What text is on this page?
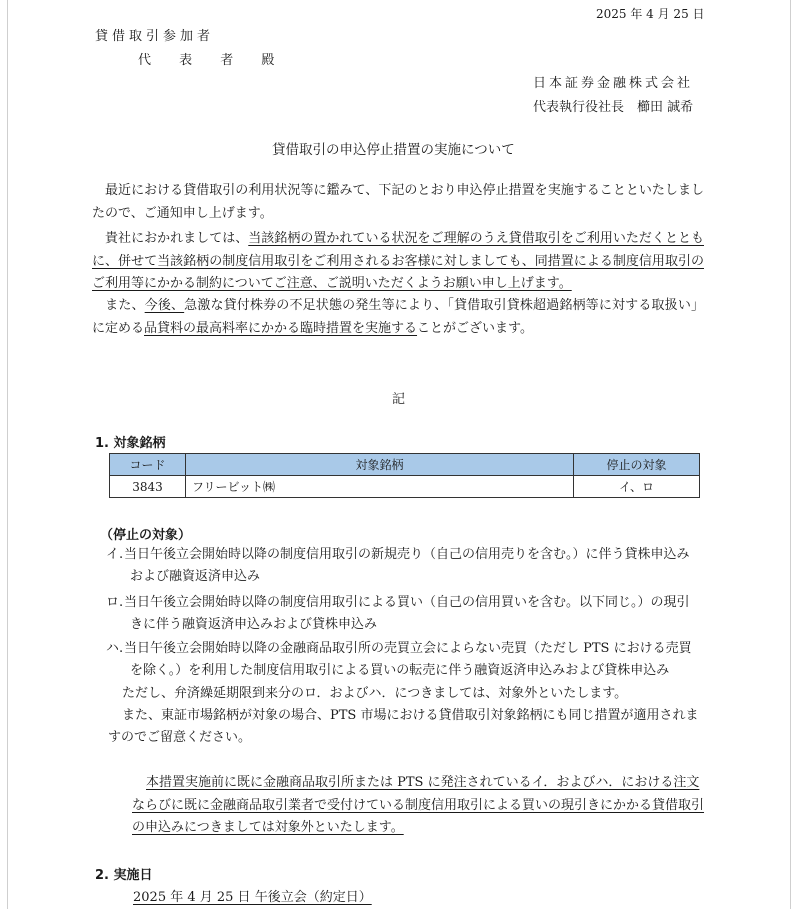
2025 年 4 月 25 日
貸借取引参加者
代 表 者 殿
日本証券金融株式会社
代表執行役社長　櫛田 誠希
貸借取引の申込停止措置の実施について
　最近における貸借取引の利用状況等に鑑みて、下記のとおり申込停止措置を実施することといたしましたので、ご通知申し上げます。
　貴社におかれましては、当該銘柄の置かれている状況をご理解のうえ貸借取引をご利用いただくとともに、併せて当該銘柄の制度信用取引をご利用されるお客様に対しましても、同措置による制度信用取引のご利用等にかかる制約についてご注意、ご説明いただくようお願い申し上げます。
　また、今後、急激な貸付株券の不足状態の発生等により、「貸借取引貸株超過銘柄等に対する取扱い」に定める品貸料の最高料率にかかる臨時措置を実施することがございます。
記
1. 対象銘柄
コード	対象銘柄	停止の対象
3843	フリービット㈱	イ、ロ
（停止の対象）
イ.当日午後立会開始時以降の制度信用取引の新規売り（自己の信用売りを含む。）に伴う貸株申込み
および融資返済申込み
ロ.当日午後立会開始時以降の制度信用取引による買い（自己の信用買いを含む。以下同じ。）の現引
きに伴う融資返済申込みおよび貸株申込み
ハ.当日午後立会開始時以降の金融商品取引所の売買立会によらない売買（ただし PTS における売買
を除く。）を利用した制度信用取引による買いの転売に伴う融資返済申込みおよび貸株申込み
ただし、弁済繰延期限到来分のロ．およびハ．につきましては、対象外といたします。
また、東証市場銘柄が対象の場合、PTS 市場における貸借取引対象銘柄にも同じ措置が適用されますのでご留意ください。
本措置実施前に既に金融商品取引所または PTS に発注されているイ．およびハ．における注文ならびに既に金融商品取引業者で受付けている制度信用取引による買いの現引きにかかる貸借取引の申込みにつきましては対象外といたします。
2. 実施日
2025 年 4 月 25 日 午後立会（約定日）
